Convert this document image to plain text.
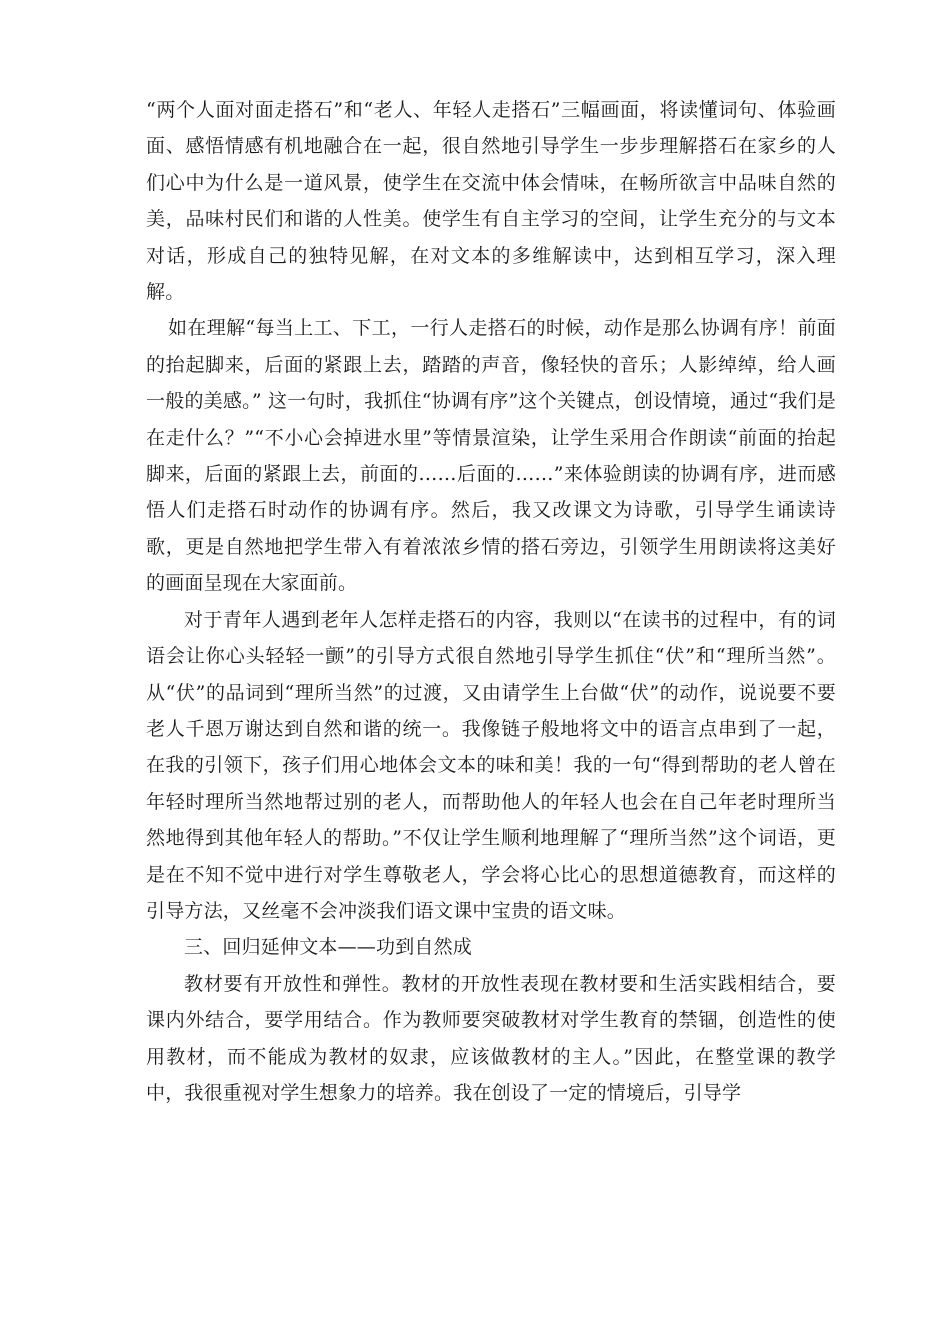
“两个人面对面走搭石”和“老人、年轻人走搭石”三幅画面，将读懂词句、体验画面、感悟情感有机地融合在一起，很自然地引导学生一步步理解搭石在家乡的人们心中为什么是一道风景，使学生在交流中体会情味，在畅所欲言中品味自然的美，品味村民们和谐的人性美。使学生有自主学习的空间，让学生充分的与文本对话，形成自己的独特见解，在对文本的多维解读中，达到相互学习，深入理解。

如在理解“每当上工、下工，一行人走搭石的时候，动作是那么协调有序！前面的抬起脚来，后面的紧跟上去，踏踏的声音，像轻快的音乐；人影绰绰，给人画一般的美感。” 这一句时，我抓住“协调有序”这个关键点，创设情境，通过“我们是在走什么？”“不小心会掉进水里”等情景渲染，让学生采用合作朗读“前面的抬起脚来，后面的紧跟上去，前面的……后面的……”来体验朗读的协调有序，进而感悟人们走搭石时动作的协调有序。然后，我又改课文为诗歌，引导学生诵读诗歌，更是自然地把学生带入有着浓浓乡情的搭石旁边，引领学生用朗读将这美好的画面呈现在大家面前。

对于青年人遇到老年人怎样走搭石的内容，我则以“在读书的过程中，有的词语会让你心头轻轻一颤”的引导方式很自然地引导学生抓住“伏”和“理所当然”。从“伏”的品词到“理所当然”的过渡，又由请学生上台做“伏”的动作，说说要不要老人千恩万谢达到自然和谐的统一。我像链子般地将文中的语言点串到了一起，在我的引领下，孩子们用心地体会文本的味和美！我的一句“得到帮助的老人曾在年轻时理所当然地帮过别的老人，而帮助他人的年轻人也会在自己年老时理所当然地得到其他年轻人的帮助。”不仅让学生顺利地理解了“理所当然”这个词语，更是在不知不觉中进行对学生尊敬老人，学会将心比心的思想道德教育，而这样的引导方法，又丝毫不会冲淡我们语文课中宝贵的语文味。

三、回归延伸文本——功到自然成

教材要有开放性和弹性。教材的开放性表现在教材要和生活实践相结合，要课内外结合，要学用结合。作为教师要突破教材对学生教育的禁锢，创造性的使用教材，而不能成为教材的奴隶，应该做教材的主人。”因此，在整堂课的教学中，我很重视对学生想象力的培养。我在创设了一定的情境后，引导学
